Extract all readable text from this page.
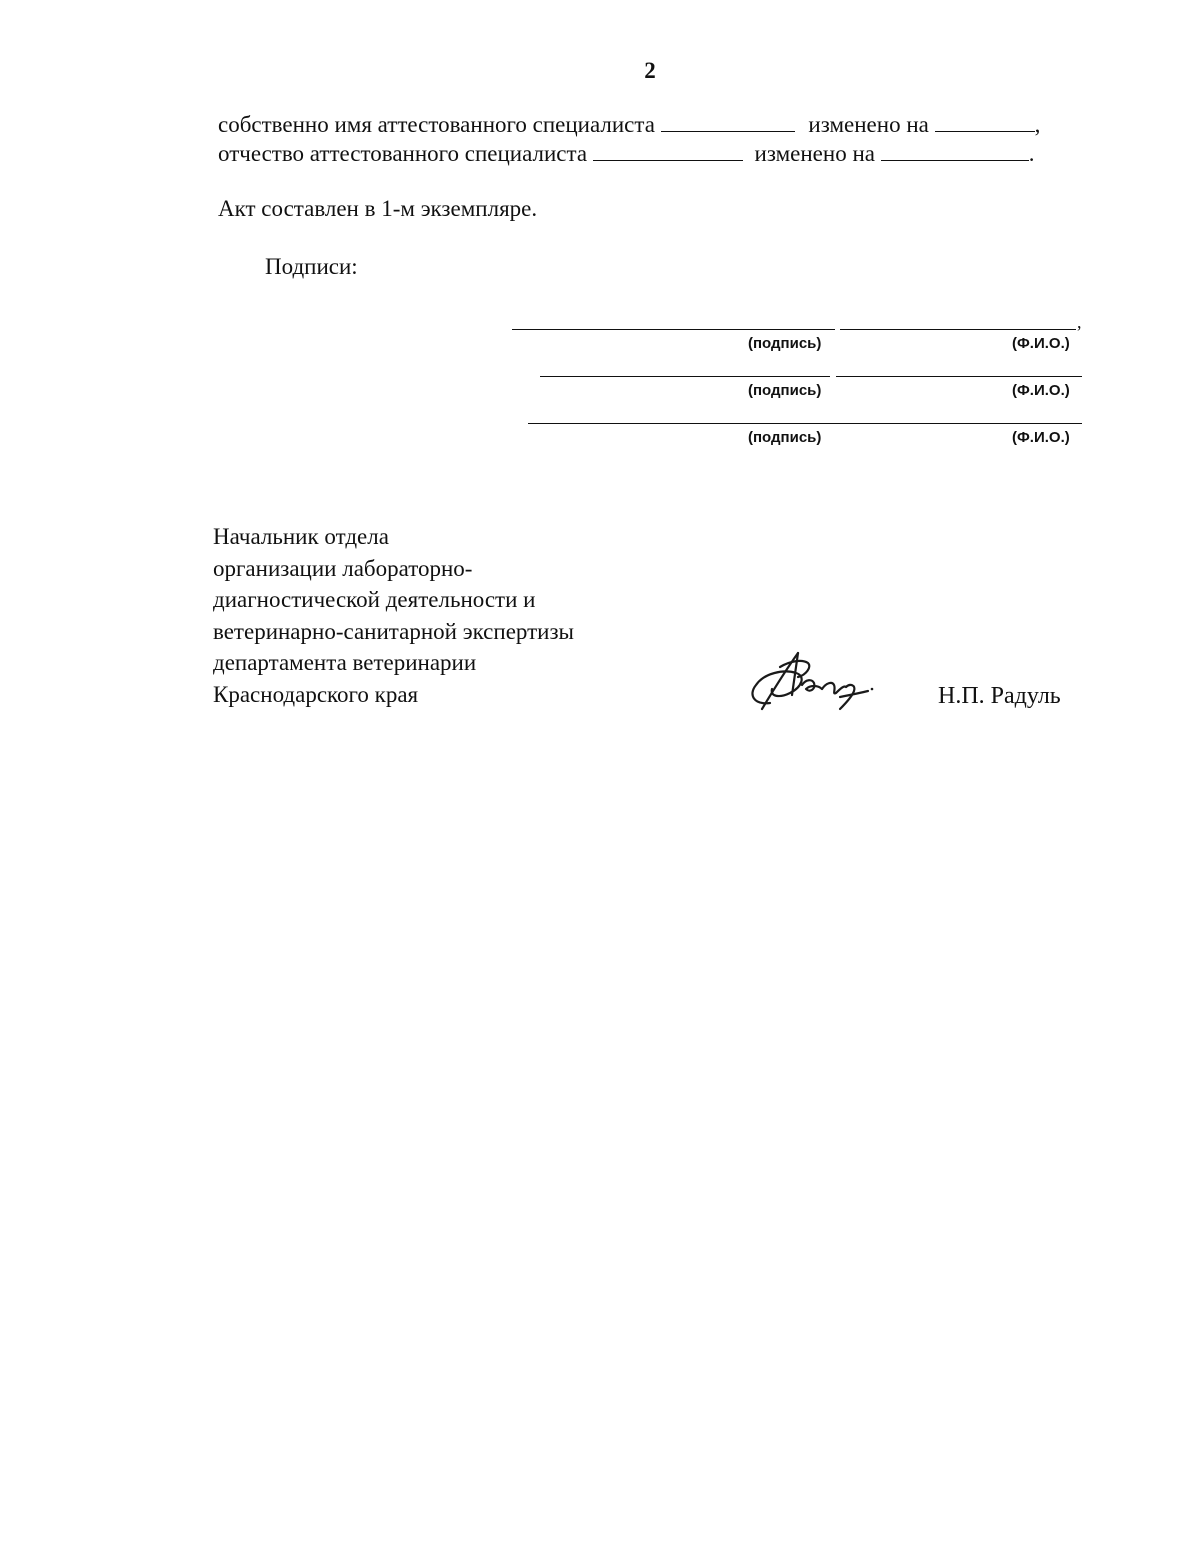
2
собственно имя аттестованного специалиста	изменено на	,
отчество аттестованного специалиста	изменено на	.
Акт составлен в 1-м экземпляре.
Подписи:
,
(подпись)	(Ф.И.О.)
(подпись)	(Ф.И.О.)
(подпись)	(Ф.И.О.)
Начальник отдела
организации лабораторно-
диагностической деятельности и
ветеринарно-санитарной экспертизы
департамента ветеринарии
Краснодарского края	Н.П. Радуль
